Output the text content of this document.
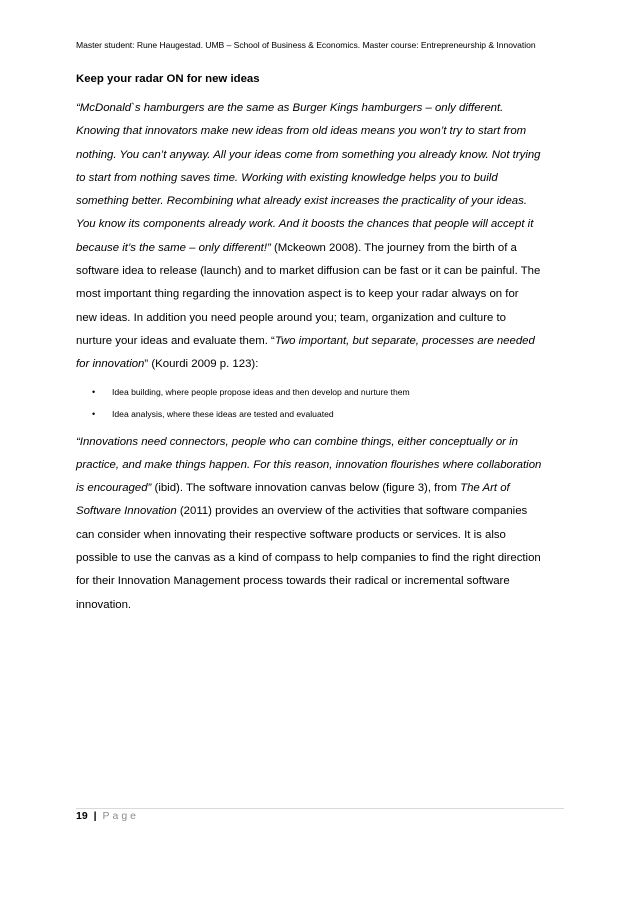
Master student: Rune Haugestad. UMB – School of Business & Economics. Master course: Entrepreneurship & Innovation
Keep your radar ON for new ideas

“McDonald`s hamburgers are the same as Burger Kings hamburgers – only different.
Knowing that innovators make new ideas from old ideas means you won’t try to start from
nothing. You can’t anyway. All your ideas come from something you already know. Not trying
to start from nothing saves time. Working with existing knowledge helps you to build
something better. Recombining what already exist increases the practicality of your ideas.
You know its components already work. And it boosts the chances that people will accept it
because it’s the same – only different!” (Mckeown 2008). The journey from the birth of a
software idea to release (launch) and to market diffusion can be fast or it can be painful. The
most important thing regarding the innovation aspect is to keep your radar always on for
new ideas. In addition you need people around you; team, organization and culture to
nurture your ideas and evaluate them. “Two important, but separate, processes are needed
for innovation” (Kourdi 2009 p. 123):

• Idea building, where people propose ideas and then develop and nurture them
• Idea analysis, where these ideas are tested and evaluated

“Innovations need connectors, people who can combine things, either conceptually or in
practice, and make things happen. For this reason, innovation flourishes where collaboration
is encouraged” (ibid). The software innovation canvas below (figure 3), from The Art of
Software Innovation (2011) provides an overview of the activities that software companies
can consider when innovating their respective software products or services. It is also
possible to use the canvas as a kind of compass to help companies to find the right direction
for their Innovation Management process towards their radical or incremental software
innovation.

19 | Page
